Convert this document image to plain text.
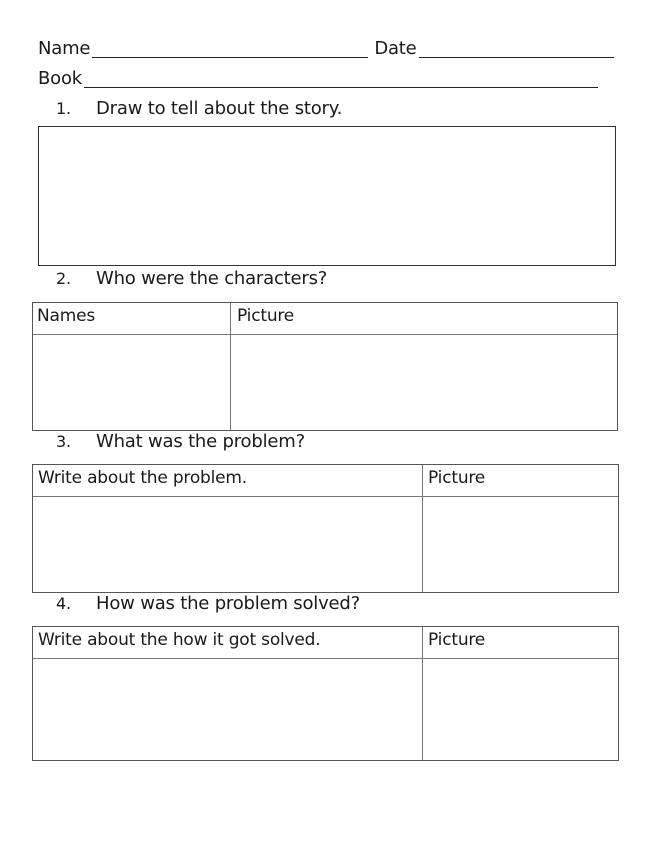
Name	Date
Book
1.	Draw to tell about the story.
2.	Who were the characters?
Names	Picture
3.	What was the problem?
Write about the problem.	Picture
4.	How was the problem solved?
Write about the how it got solved.	Picture
